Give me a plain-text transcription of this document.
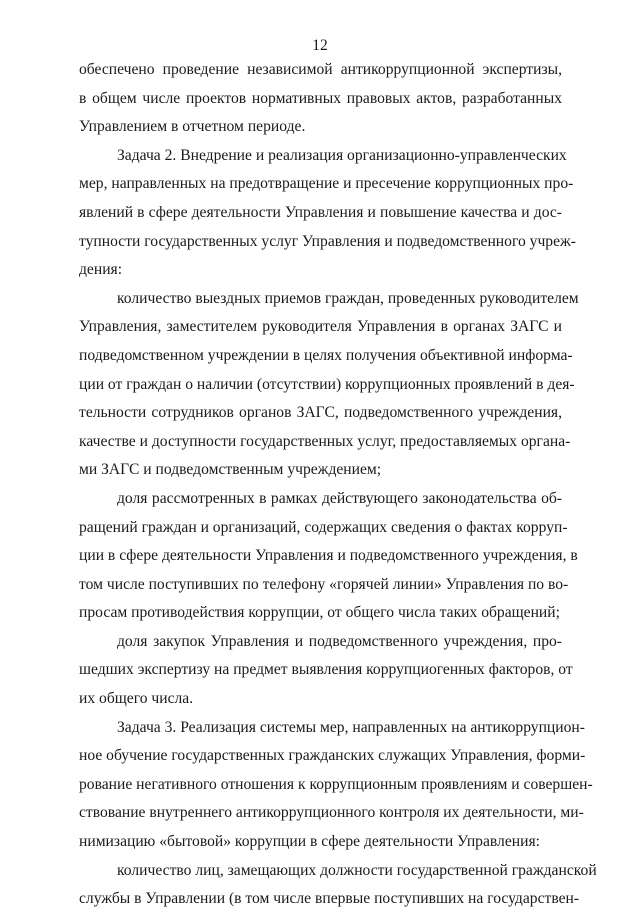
12
обеспечено проведение независимой антикоррупционной экспертизы,
в общем числе проектов нормативных правовых актов, разработанных
Управлением в отчетном периоде.
Задача 2. Внедрение и реализация организационно-управленческих
мер, направленных на предотвращение и пресечение коррупционных про-
явлений в сфере деятельности Управления и повышение качества и дос-
тупности государственных услуг Управления и подведомственного учреж-
дения:
количество выездных приемов граждан, проведенных руководителем
Управления, заместителем руководителя Управления в органах ЗАГС и
подведомственном учреждении в целях получения объективной информа-
ции от граждан о наличии (отсутствии) коррупционных проявлений в дея-
тельности сотрудников органов ЗАГС, подведомственного учреждения,
качестве и доступности государственных услуг, предоставляемых органа-
ми ЗАГС и подведомственным учреждением;
доля рассмотренных в рамках действующего законодательства об-
ращений граждан и организаций, содержащих сведения о фактах корруп-
ции в сфере деятельности Управления и подведомственного учреждения, в
том числе поступивших по телефону «горячей линии» Управления по во-
просам противодействия коррупции, от общего числа таких обращений;
доля закупок Управления и подведомственного учреждения, про-
шедших экспертизу на предмет выявления коррупциогенных факторов, от
их общего числа.
Задача 3. Реализация системы мер, направленных на антикоррупцион-
ное обучение государственных гражданских служащих Управления, форми-
рование негативного отношения к коррупционным проявлениям и совершен-
ствование внутреннего антикоррупционного контроля их деятельности, ми-
нимизацию «бытовой» коррупции в сфере деятельности Управления:
количество лиц, замещающих должности государственной гражданской
службы в Управлении (в том числе впервые поступивших на государствен-
